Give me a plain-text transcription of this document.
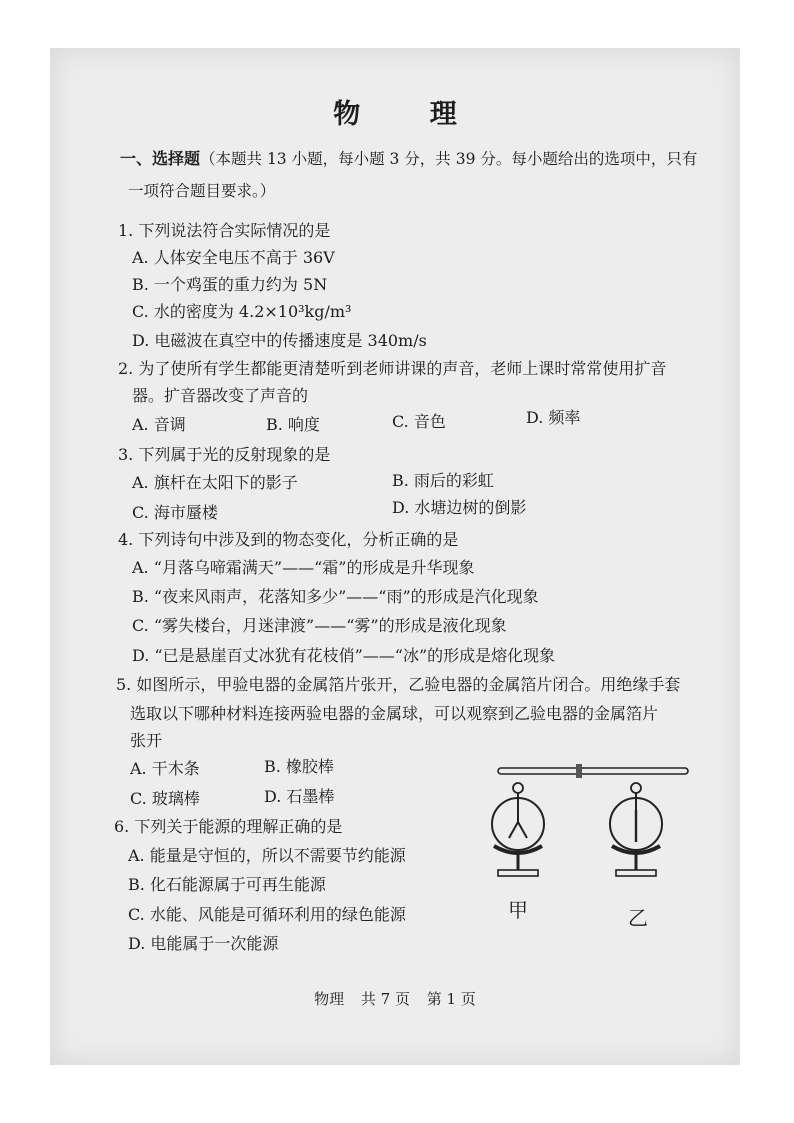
物 理
一、选择题（本题共 13 小题，每小题 3 分，共 39 分。每小题给出的选项中，只有
一项符合题目要求。）
1. 下列说法符合实际情况的是
A. 人体安全电压不高于 36V
B. 一个鸡蛋的重力约为 5N
C. 水的密度为 4.2×10³kg/m³
D. 电磁波在真空中的传播速度是 340m/s
2. 为了使所有学生都能更清楚听到老师讲课的声音，老师上课时常常使用扩音
器。扩音器改变了声音的
A. 音调	B. 响度	C. 音色	D. 频率
3. 下列属于光的反射现象的是
A. 旗杆在太阳下的影子	B. 雨后的彩虹
C. 海市蜃楼	D. 水塘边树的倒影
4. 下列诗句中涉及到的物态变化，分析正确的是
A. “月落乌啼霜满天”——“霜”的形成是升华现象
B. “夜来风雨声，花落知多少”——“雨”的形成是汽化现象
C. “雾失楼台，月迷津渡”——“雾”的形成是液化现象
D. “已是悬崖百丈冰犹有花枝俏”——“冰”的形成是熔化现象
5. 如图所示，甲验电器的金属箔片张开，乙验电器的金属箔片闭合。用绝缘手套
选取以下哪种材料连接两验电器的金属球，可以观察到乙验电器的金属箔片
张开
A. 干木条	B. 橡胶棒
C. 玻璃棒	D. 石墨棒
6. 下列关于能源的理解正确的是
A. 能量是守恒的，所以不需要节约能源
B. 化石能源属于可再生能源
C. 水能、风能是可循环利用的绿色能源
D. 电能属于一次能源
甲	乙
物理 共 7 页 第 1 页
